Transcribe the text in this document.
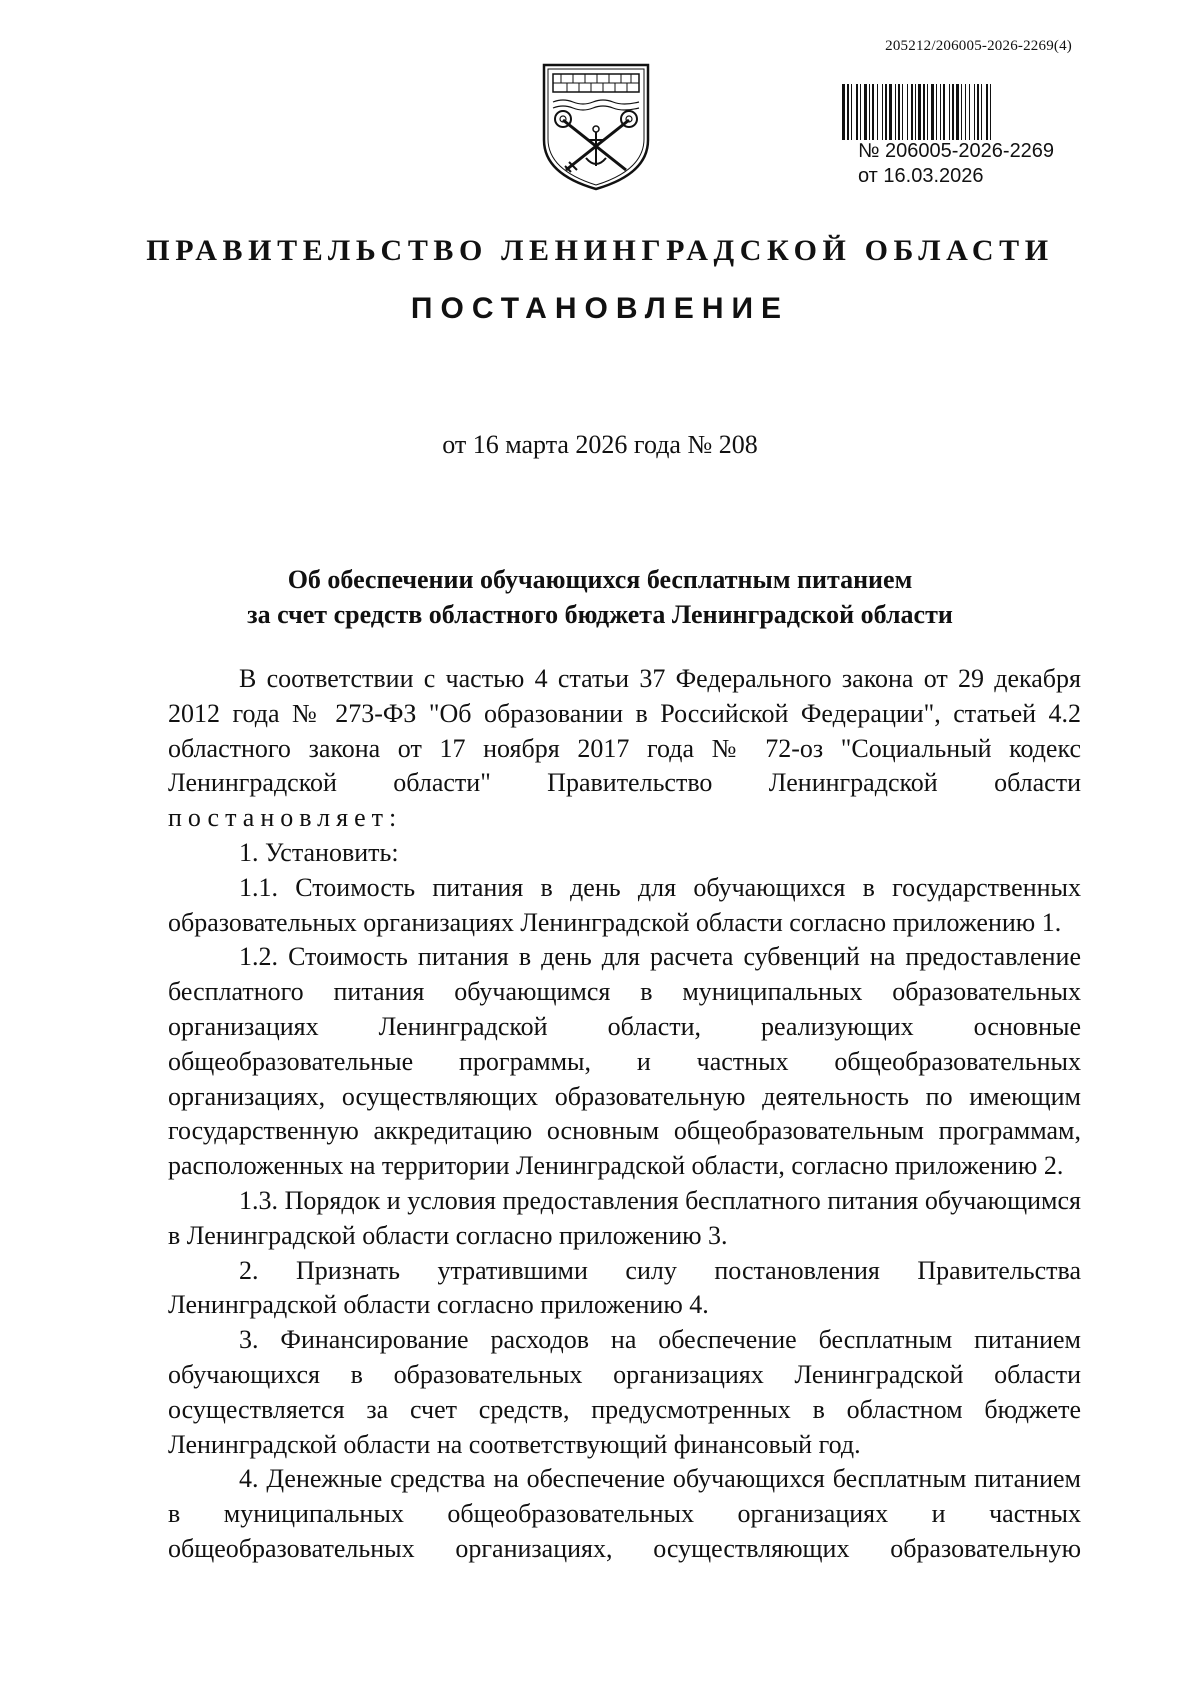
205212/206005-2026-2269(4)
№ 206005-2026-2269
от 16.03.2026
ПРАВИТЕЛЬСТВО ЛЕНИНГРАДСКОЙ ОБЛАСТИ
ПОСТАНОВЛЕНИЕ
от 16 марта 2026 года № 208
Об обеспечении обучающихся бесплатным питанием
за счет средств областного бюджета Ленинградской области

В соответствии с частью 4 статьи 37 Федерального закона от 29 декабря 2012 года № 273-ФЗ "Об образовании в Российской Федерации", статьей 4.2 областного закона от 17 ноября 2017 года № 72-оз "Социальный кодекс Ленинградской области" Правительство Ленинградской области постановляет:

1. Установить:

1.1. Стоимость питания в день для обучающихся в государственных образовательных организациях Ленинградской области согласно приложению 1.

1.2. Стоимость питания в день для расчета субвенций на предоставление бесплатного питания обучающимся в муниципальных образовательных организациях Ленинградской области, реализующих основные общеобразовательные программы, и частных общеобразовательных организациях, осуществляющих образовательную деятельность по имеющим государственную аккредитацию основным общеобразовательным программам, расположенных на территории Ленинградской области, согласно приложению 2.

1.3. Порядок и условия предоставления бесплатного питания обучающимся в Ленинградской области согласно приложению 3.

2. Признать утратившими силу постановления Правительства Ленинградской области согласно приложению 4.

3. Финансирование расходов на обеспечение бесплатным питанием обучающихся в образовательных организациях Ленинградской области осуществляется за счет средств, предусмотренных в областном бюджете Ленинградской области на соответствующий финансовый год.

4. Денежные средства на обеспечение обучающихся бесплатным питанием в муниципальных общеобразовательных организациях и частных общеобразовательных организациях, осуществляющих образовательную
